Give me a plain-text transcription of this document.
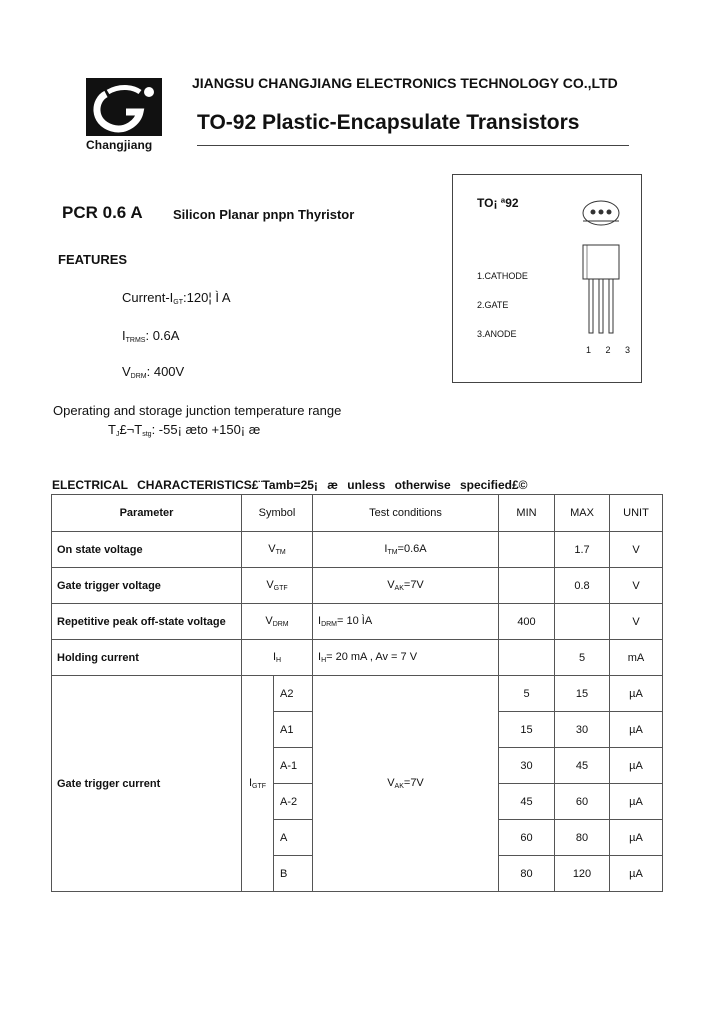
Changjiang
JIANGSU CHANGJIANG ELECTRONICS TECHNOLOGY CO.,LTD
TO-92 Plastic-Encapsulate Transistors
PCR 0.6 A Silicon Planar pnpn Thyristor
FEATURES
Current-$I_{GT}:120¦$ Ì A
$I_{TRMS}$: 0.6A
$V_{DRM}$: 400V
Operating and storage junction temperature range
$T_J£\neg T_{stg}$: -55¡ æto +150¡ æ
TO¡ ª92
1.CATHODE
2.GATE
3.ANODE
1 2 3
ELECTRICAL CHARACTERISTICS£¨Tamb=25¡ æ unless otherwise specified£©
Parameter	Symbol		Test conditions	MIN	MAX	UNIT
On state voltage	$V_{TM}$		$I_{TM}=0.6A$		1.7	V
Gate trigger voltage	$V_{GTF}$		$V_{AK}=7V$		0.8	V
Repetitive peak off-state voltage	$V_{DRM}$		$I_{DRM}= 10$ ÌA	400		V
Holding current	$I_H$		$I_H= 20$ mA , Av = 7 V		5	mA
Gate trigger current	$I_{GTF}$	A2	$V_{AK}=7V$	5	15	µA
		A1		15	30	µA
		A-1		30	45	µA
		A-2		45	60	µA
		A		60	80	µA
		B		80	120	µA
